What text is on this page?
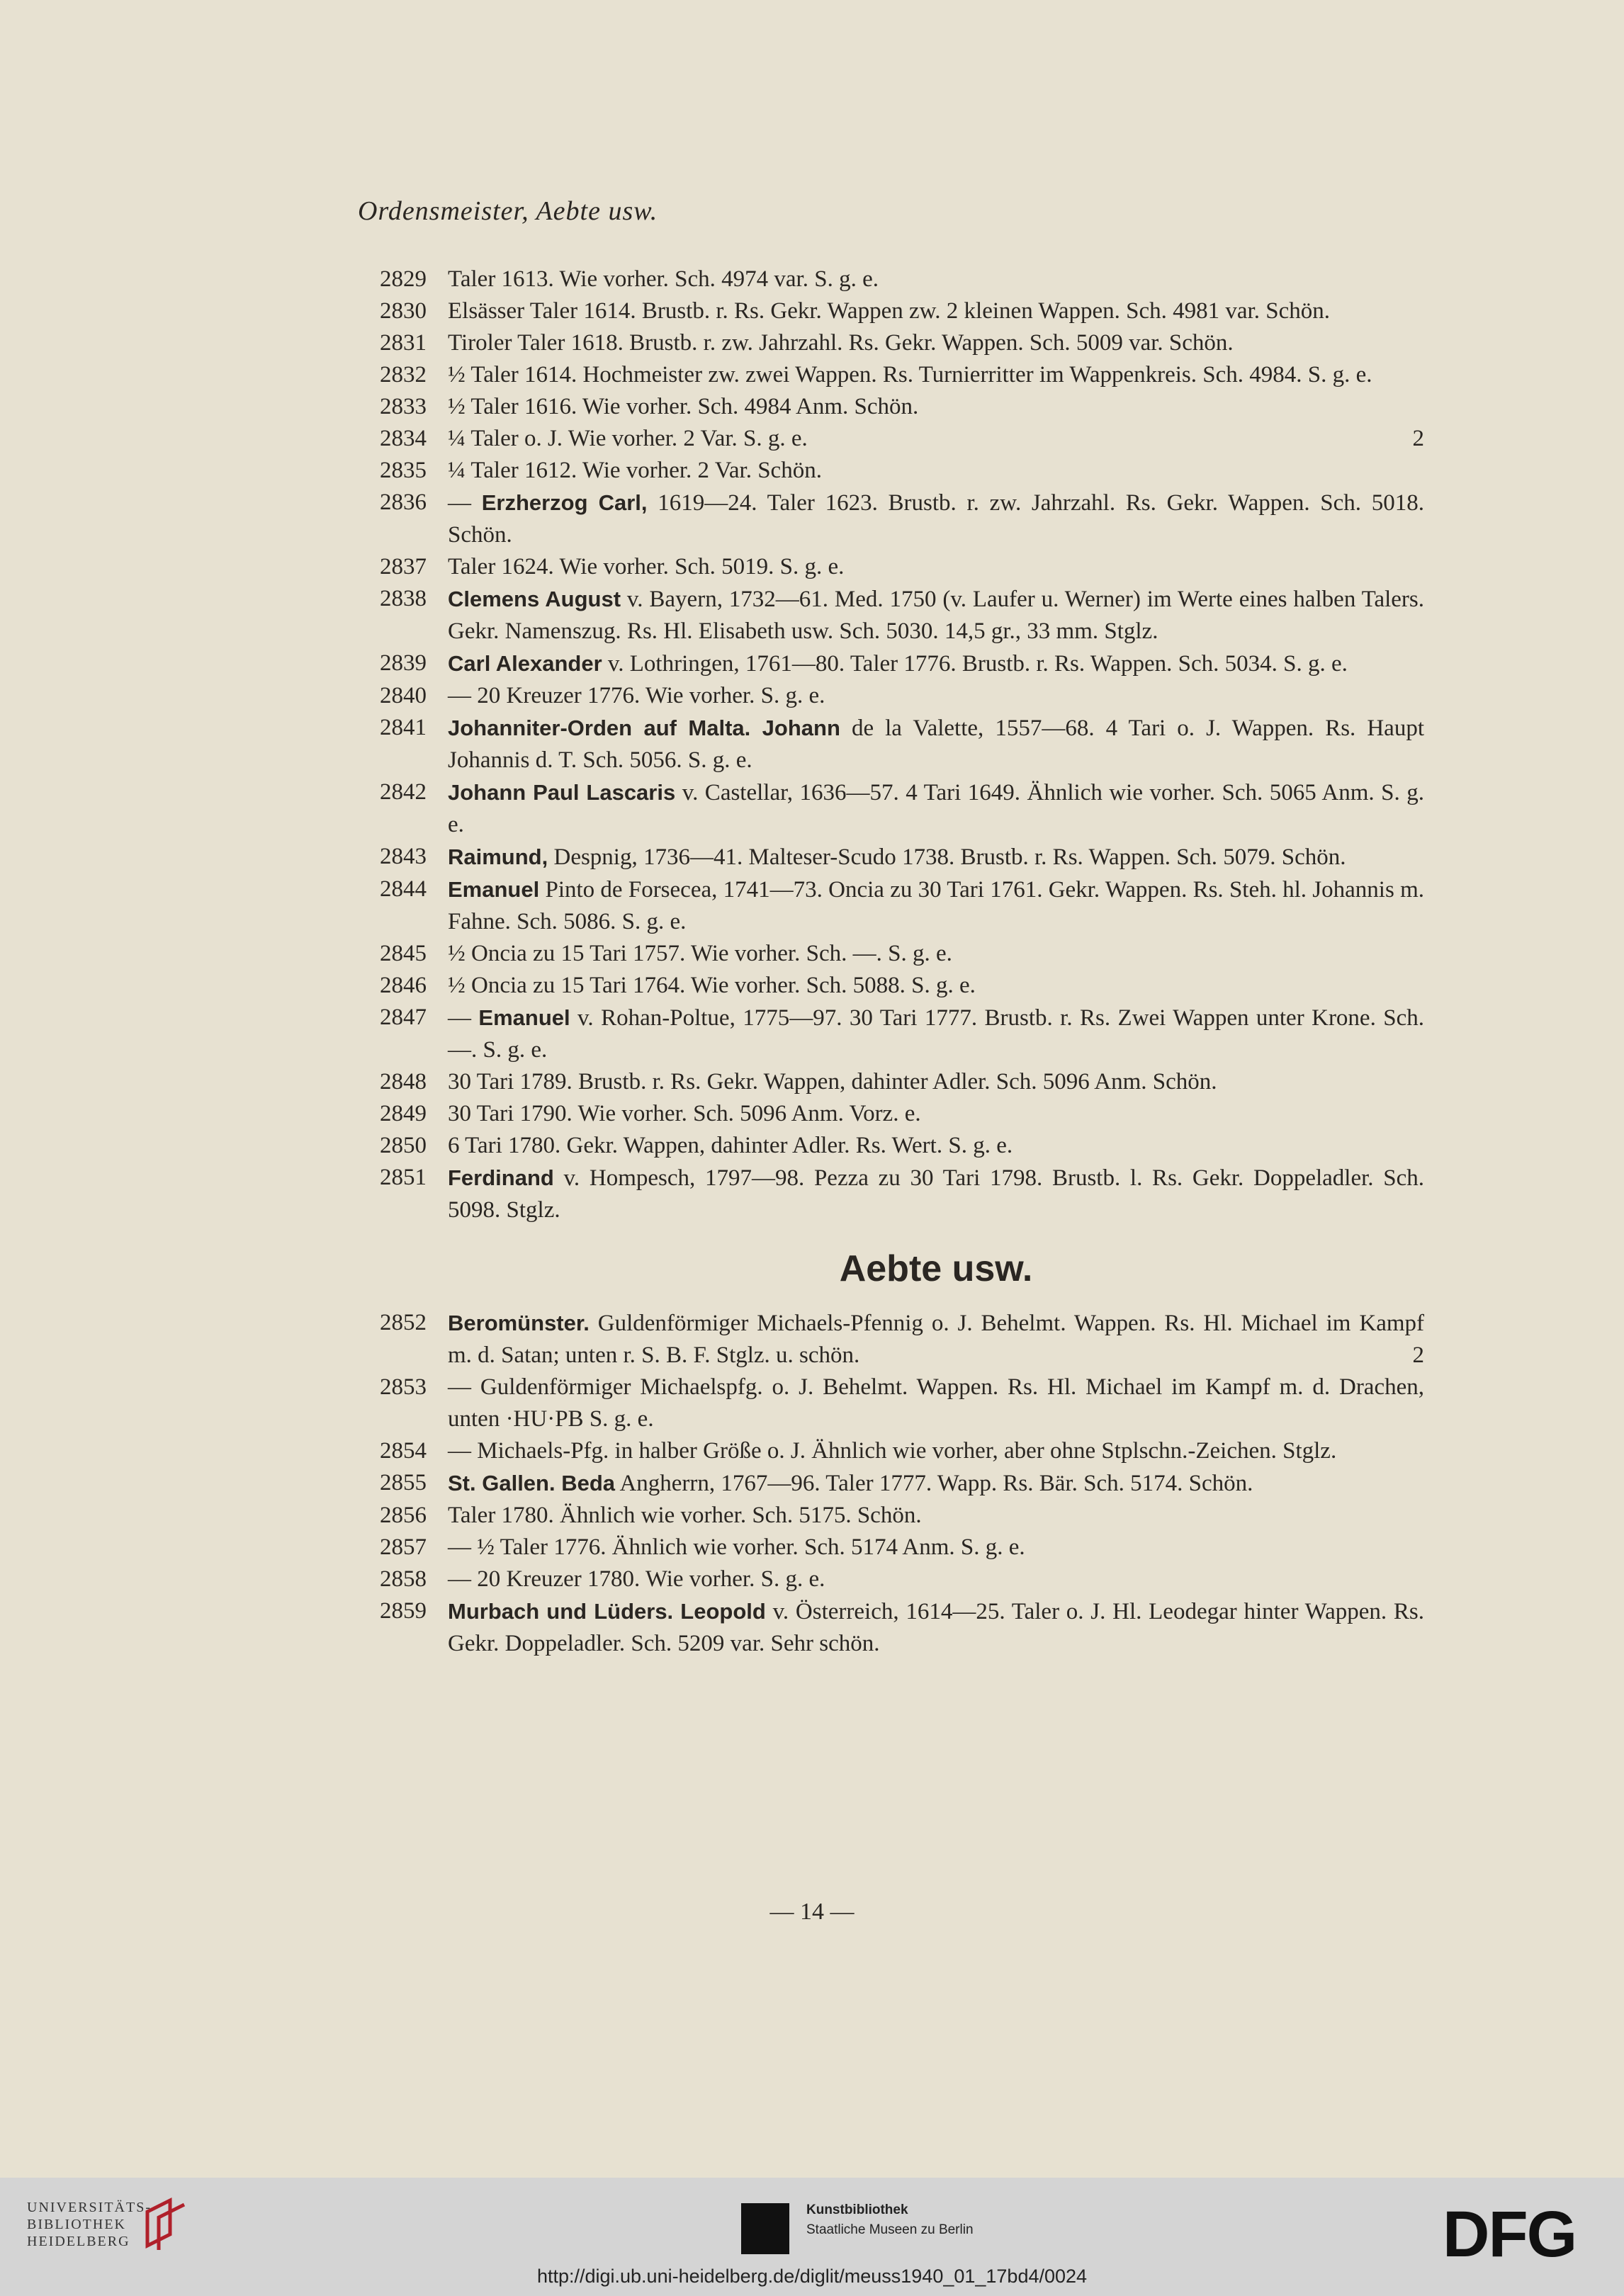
Ordensmeister, Aebte usw.
2829 Taler 1613. Wie vorher. Sch. 4974 var. S. g. e.
2830 Elsässer Taler 1614. Brustb. r. Rs. Gekr. Wappen zw. 2 kleinen Wappen. Sch. 4981 var. Schön.
2831 Tiroler Taler 1618. Brustb. r. zw. Jahrzahl. Rs. Gekr. Wappen. Sch. 5009 var. Schön.
2832 ½ Taler 1614. Hochmeister zw. zwei Wappen. Rs. Turnierritter im Wappenkreis. Sch. 4984. S. g. e.
2833 ½ Taler 1616. Wie vorher. Sch. 4984 Anm. Schön.
2834 ¼ Taler o. J. Wie vorher. 2 Var. S. g. e.	2
2835 ¼ Taler 1612. Wie vorher. 2 Var. Schön.
2836 — Erzherzog Carl, 1619—24. Taler 1623. Brustb. r. zw. Jahrzahl. Rs. Gekr. Wappen. Sch. 5018. Schön.
2837 Taler 1624. Wie vorher. Sch. 5019. S. g. e.
2838 Clemens August v. Bayern, 1732—61. Med. 1750 (v. Laufer u. Werner) im Werte eines halben Talers. Gekr. Namenszug. Rs. Hl. Elisabeth usw. Sch. 5030. 14,5 gr., 33 mm. Stglz.
2839 Carl Alexander v. Lothringen, 1761—80. Taler 1776. Brustb. r. Rs. Wappen. Sch. 5034. S. g. e.
2840 — 20 Kreuzer 1776. Wie vorher. S. g. e.
2841 Johanniter-Orden auf Malta. Johann de la Valette, 1557—68. 4 Tari o. J. Wappen. Rs. Haupt Johannis d. T. Sch. 5056. S. g. e.
2842 Johann Paul Lascaris v. Castellar, 1636—57. 4 Tari 1649. Ähnlich wie vorher. Sch. 5065 Anm. S. g. e.
2843 Raimund, Despnig, 1736—41. Malteser-Scudo 1738. Brustb. r. Rs. Wappen. Sch. 5079. Schön.
2844 Emanuel Pinto de Forsecea, 1741—73. Oncia zu 30 Tari 1761. Gekr. Wappen. Rs. Steh. hl. Johannis m. Fahne. Sch. 5086. S. g. e.
2845 ½ Oncia zu 15 Tari 1757. Wie vorher. Sch. —. S. g. e.
2846 ½ Oncia zu 15 Tari 1764. Wie vorher. Sch. 5088. S. g. e.
2847 — Emanuel v. Rohan-Poltue, 1775—97. 30 Tari 1777. Brustb. r. Rs. Zwei Wappen unter Krone. Sch. —. S. g. e.
2848 30 Tari 1789. Brustb. r. Rs. Gekr. Wappen, dahinter Adler. Sch. 5096 Anm. Schön.
2849 30 Tari 1790. Wie vorher. Sch. 5096 Anm. Vorz. e.
2850 6 Tari 1780. Gekr. Wappen, dahinter Adler. Rs. Wert. S. g. e.
2851 Ferdinand v. Hompesch, 1797—98. Pezza zu 30 Tari 1798. Brustb. l. Rs. Gekr. Doppeladler. Sch. 5098. Stglz.
Aebte usw.
2852 Beromünster. Guldenförmiger Michaels-Pfennig o. J. Behelmt. Wappen. Rs. Hl. Michael im Kampf m. d. Satan; unten r. S. B. F. Stglz. u. schön.	2
2853 — Guldenförmiger Michaelspfg. o. J. Behelmt. Wappen. Rs. Hl. Michael im Kampf m. d. Drachen, unten ·HU·PB S. g. e.
2854 — Michaels-Pfg. in halber Größe o. J. Ähnlich wie vorher, aber ohne Stplschn.-Zeichen. Stglz.
2855 St. Gallen. Beda Angherrn, 1767—96. Taler 1777. Wapp. Rs. Bär. Sch. 5174. Schön.
2856 Taler 1780. Ähnlich wie vorher. Sch. 5175. Schön.
2857 — ½ Taler 1776. Ähnlich wie vorher. Sch. 5174 Anm. S. g. e.
2858 — 20 Kreuzer 1780. Wie vorher. S. g. e.
2859 Murbach und Lüders. Leopold v. Österreich, 1614—25. Taler o. J. Hl. Leodegar hinter Wappen. Rs. Gekr. Doppeladler. Sch. 5209 var. Sehr schön.
— 14 —
UNIVERSITÄTS-
BIBLIOTHEK
HEIDELBERG
Kunstbibliothek
Staatliche Museen zu Berlin	DFG
http://digi.ub.uni-heidelberg.de/diglit/meuss1940_01_17bd4/0024
